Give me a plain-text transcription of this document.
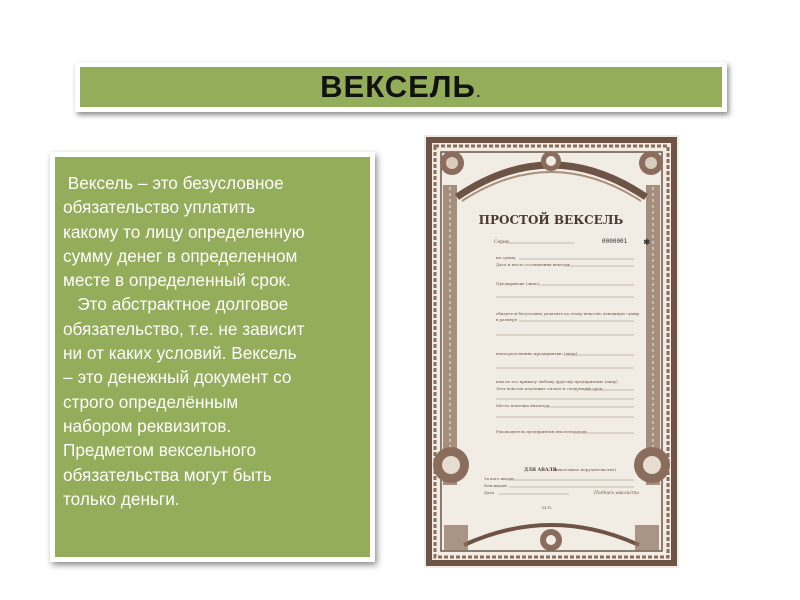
ВЕКСЕЛЬ.

Вексель – это безусловное
обязательство уплатить
какому то лицу определенную
сумму денег в определенном
месте в определенный срок.
Это абстрактное долговое
обязательство, т.е. не зависит
ни от каких условий. Вексель
– это денежный документ со
строго определённым
набором реквизитов.
Предметом вексельного
обязательства могут быть
только деньги.

ПРОСТОЙ ВЕКСЕЛЬ
Серия	0000001 ✱
на сумму
Дата и место составления векселя
Предприятие (лицо)
обязуется безусловно уплатить по этому векселю денежную сумму
в размере
непосредственно предприятию (лицу)
или по его приказу любому другому предприятию (лицу)
Этот вексель подлежит оплате в следующий срок:
Место платежа является
Руководитель предприятия векселедателя
ДЛЯ АВАЛЯ
(вексельное поручительство)
За кого выдан
Кем выдан
Дата	Подпись авалиста
М.П.
